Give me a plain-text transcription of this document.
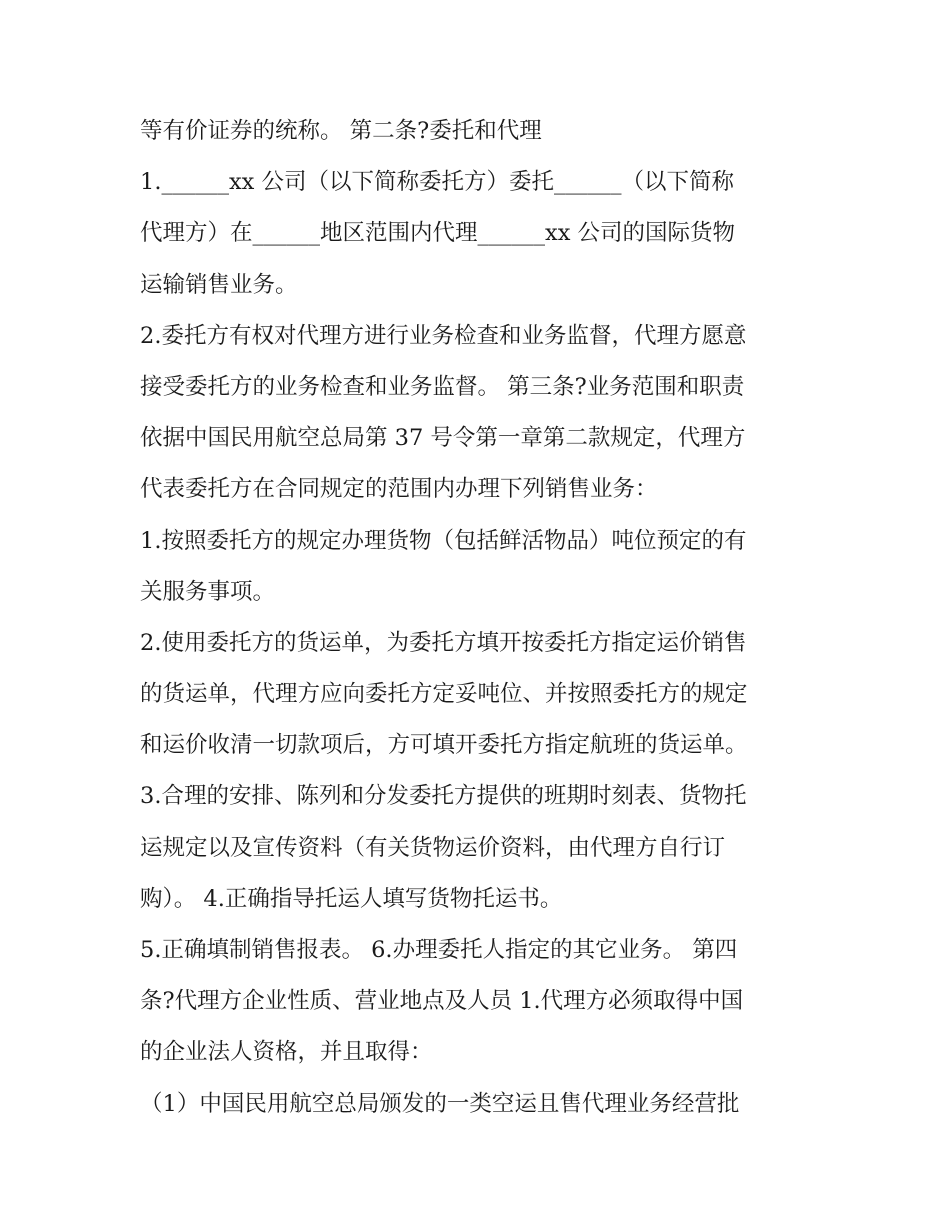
等有价证券的统称。 第二条?委托和代理
1.______xx 公司（以下简称委托方）委托______（以下简称
代理方）在______地区范围内代理______xx 公司的国际货物
运输销售业务。
2.委托方有权对代理方进行业务检查和业务监督，代理方愿意
接受委托方的业务检查和业务监督。 第三条?业务范围和职责
依据中国民用航空总局第 37 号令第一章第二款规定，代理方
代表委托方在合同规定的范围内办理下列销售业务：
1.按照委托方的规定办理货物（包括鲜活物品）吨位预定的有
关服务事项。
2.使用委托方的货运单，为委托方填开按委托方指定运价销售
的货运单，代理方应向委托方定妥吨位、并按照委托方的规定
和运价收清一切款项后，方可填开委托方指定航班的货运单。
3.合理的安排、陈列和分发委托方提供的班期时刻表、货物托
运规定以及宣传资料（有关货物运价资料，由代理方自行订
购）。 4.正确指导托运人填写货物托运书。
5.正确填制销售报表。 6.办理委托人指定的其它业务。 第四
条?代理方企业性质、营业地点及人员 1.代理方必须取得中国
的企业法人资格，并且取得：
（1）中国民用航空总局颁发的一类空运且售代理业务经营批
